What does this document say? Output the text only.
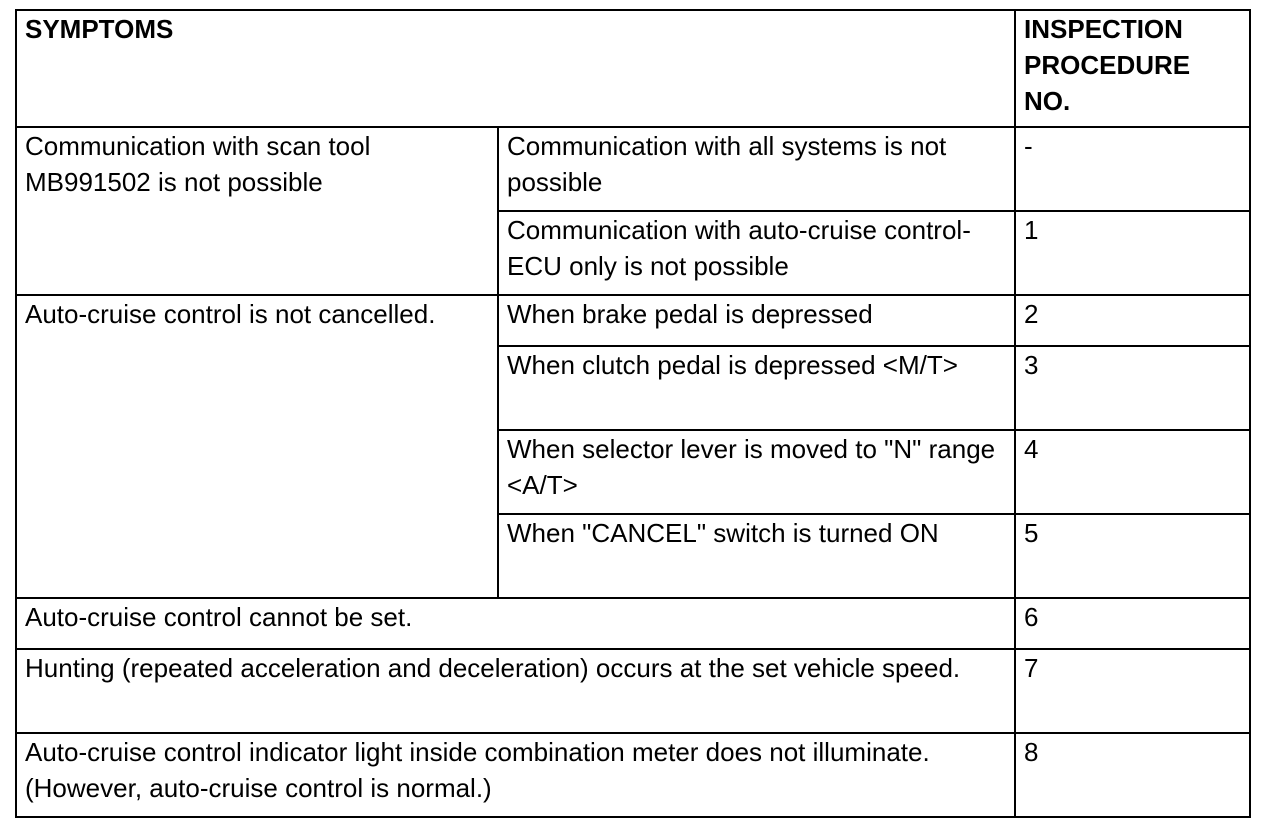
SYMPTOMS		INSPECTION PROCEDURE NO.
Communication with scan tool MB991502 is not possible	Communication with all systems is not possible	-
	Communication with auto-cruise control-ECU only is not possible	1
Auto-cruise control is not cancelled.	When brake pedal is depressed	2
	When clutch pedal is depressed <M/T>	3
	When selector lever is moved to "N" range <A/T>	4
	When "CANCEL" switch is turned ON	5
Auto-cruise control cannot be set.		6
Hunting (repeated acceleration and deceleration) occurs at the set vehicle speed.		7
Auto-cruise control indicator light inside combination meter does not illuminate. (However, auto-cruise control is normal.)		8
